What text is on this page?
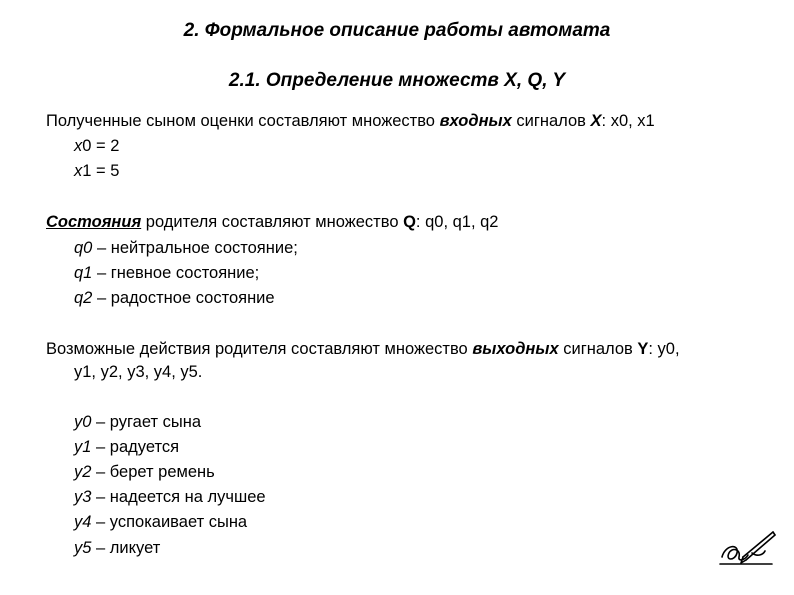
2. Формальное описание работы автомата
2.1. Определение множеств X, Q, Y
Полученные сыном оценки составляют множество входных сигналов X: x0, x1
x0 = 2
x1 = 5
Состояния родителя составляют множество Q: q0, q1, q2
q0 – нейтральное состояние;
q1 – гневное состояние;
q2 – радостное состояние
Возможные действия родителя составляют множество выходных сигналов Y: y0,
y1, y2, y3, y4, y5.
y0 – ругает сына
y1 – радуется
y2 – берет ремень
y3 – надеется на лучшее
y4 – успокаивает сына
y5 – ликует
